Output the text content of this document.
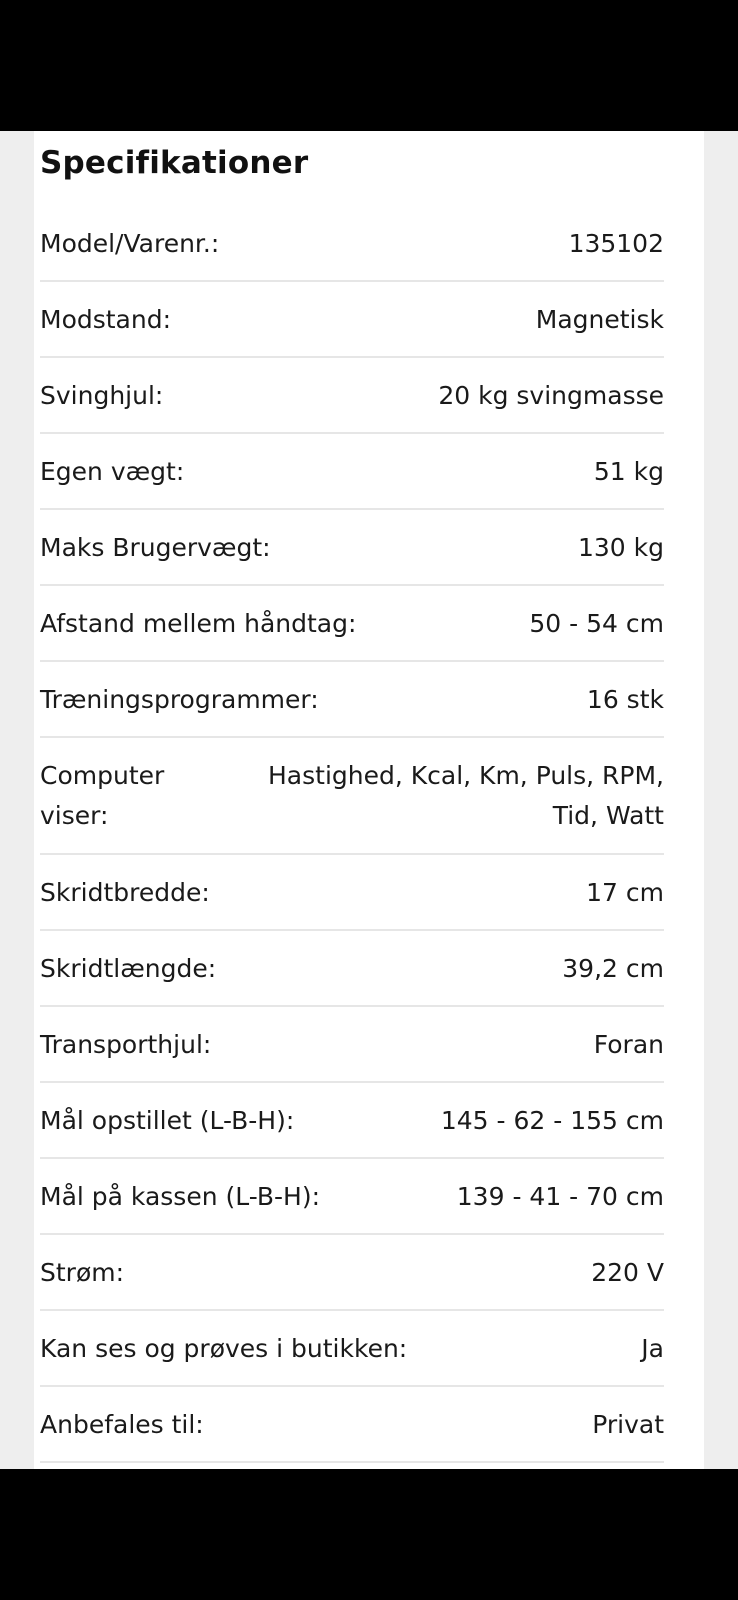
Specifikationer
Model/Varenr.:	135102
Modstand:	Magnetisk
Svinghjul:	20 kg svingmasse
Egen vægt:	51 kg
Maks Brugervægt:	130 kg
Afstand mellem håndtag:	50 - 54 cm
Træningsprogrammer:	16 stk
Computer viser:
Hastighed, Kcal, Km, Puls, RPM, Tid, Watt
Skridtbredde:	17 cm
Skridtlængde:	39,2 cm
Transporthjul:	Foran
Mål opstillet (L-B-H):	145 - 62 - 155 cm
Mål på kassen (L-B-H):	139 - 41 - 70 cm
Strøm:	220 V
Kan ses og prøves i butikken:	Ja
Anbefales til:	Privat
